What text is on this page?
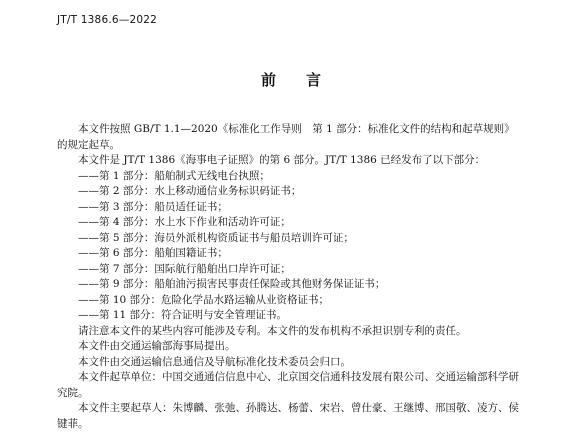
JT/T 1386.6—2022
前　　言

本文件按照 GB/T 1.1—2020《标准化工作导则　第 1 部分：标准化文件的结构和起草规则》的规定起草。

本文件是 JT/T 1386《海事电子证照》的第 6 部分。JT/T 1386 已经发布了以下部分：

——第 1 部分：船舶制式无线电台执照；

——第 2 部分：水上移动通信业务标识码证书；

——第 3 部分：船员适任证书；

——第 4 部分：水上水下作业和活动许可证；

——第 5 部分：海员外派机构资质证书与船员培训许可证；

——第 6 部分：船舶国籍证书；

——第 7 部分：国际航行船舶出口岸许可证；

——第 9 部分：船舶油污损害民事责任保险或其他财务保证证书；

——第 10 部分：危险化学品水路运输从业资格证书；

——第 11 部分：符合证明与安全管理证书。

请注意本文件的某些内容可能涉及专利。本文件的发布机构不承担识别专利的责任。

本文件由交通运输部海事局提出。

本文件由交通运输信息通信及导航标准化技术委员会归口。

本文件起草单位：中国交通通信信息中心、北京国交信通科技发展有限公司、交通运输部科学研究院。

本文件主要起草人：朱博麟、张弛、孙腾达、杨蕾、宋岩、曾仕豪、王继博、邢国敬、凌方、侯键菲。
